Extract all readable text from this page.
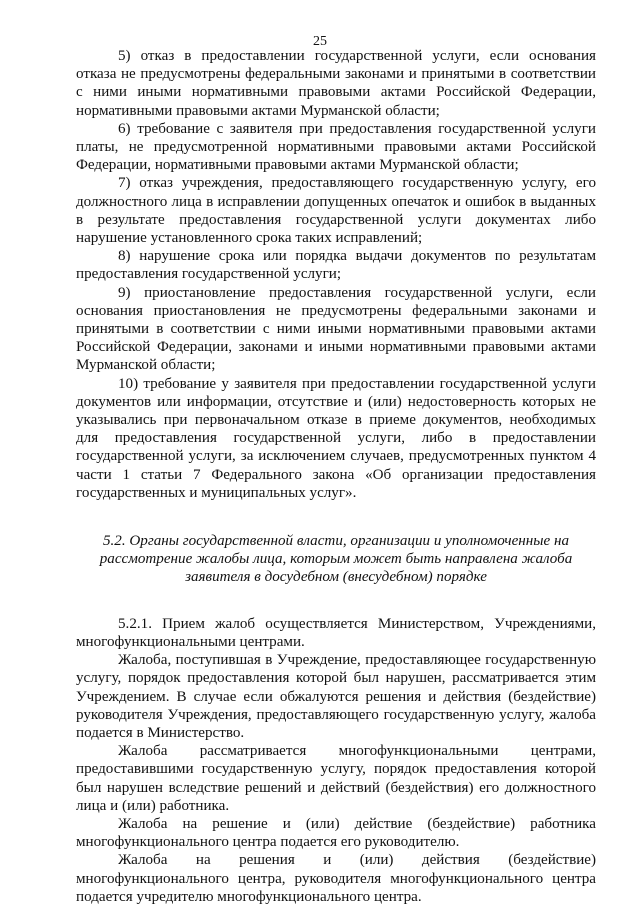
25

5) отказ в предоставлении государственной услуги, если основания отказа не предусмотрены федеральными законами и принятыми в соответствии с ними иными нормативными правовыми актами Российской Федерации, нормативными правовыми актами Мурманской области;

6) требование с заявителя при предоставления государственной услуги платы, не предусмотренной нормативными правовыми актами Российской Федерации, нормативными правовыми актами Мурманской области;

7) отказ учреждения, предоставляющего государственную услугу, его должностного лица в исправлении допущенных опечаток и ошибок в выданных в результате предоставления государственной услуги документах либо нарушение установленного срока таких исправлений;

8) нарушение срока или порядка выдачи документов по результатам предоставления государственной услуги;

9) приостановление предоставления государственной услуги, если основания приостановления не предусмотрены федеральными законами и принятыми в соответствии с ними иными нормативными правовыми актами Российской Федерации, законами и иными нормативными правовыми актами Мурманской области;

10) требование у заявителя при предоставлении государственной услуги документов или информации, отсутствие и (или) недостоверность которых не указывались при первоначальном отказе в приеме документов, необходимых для предоставления государственной услуги, либо в предоставлении государственной услуги, за исключением случаев, предусмотренных пунктом 4 части 1 статьи 7 Федерального закона «Об организации предоставления государственных и муниципальных услуг».

5.2. Органы государственной власти, организации и уполномоченные на
рассмотрение жалобы лица, которым может быть направлена жалоба
заявителя в досудебном (внесудебном) порядке

5.2.1. Прием жалоб осуществляется Министерством, Учреждениями, многофункциональными центрами.

Жалоба, поступившая в Учреждение, предоставляющее государственную услугу, порядок предоставления которой был нарушен, рассматривается этим Учреждением. В случае если обжалуются решения и действия (бездействие) руководителя Учреждения, предоставляющего государственную услугу, жалоба подается в Министерство.

Жалоба рассматривается многофункциональными центрами, предоставившими государственную услугу, порядок предоставления которой был нарушен вследствие решений и действий (бездействия) его должностного лица и (или) работника.

Жалоба на решение и (или) действие (бездействие) работника многофункционального центра подается его руководителю.

Жалоба на решения и (или) действия (бездействие) многофункционального центра, руководителя многофункционального центра подается учредителю многофункционального центра.
